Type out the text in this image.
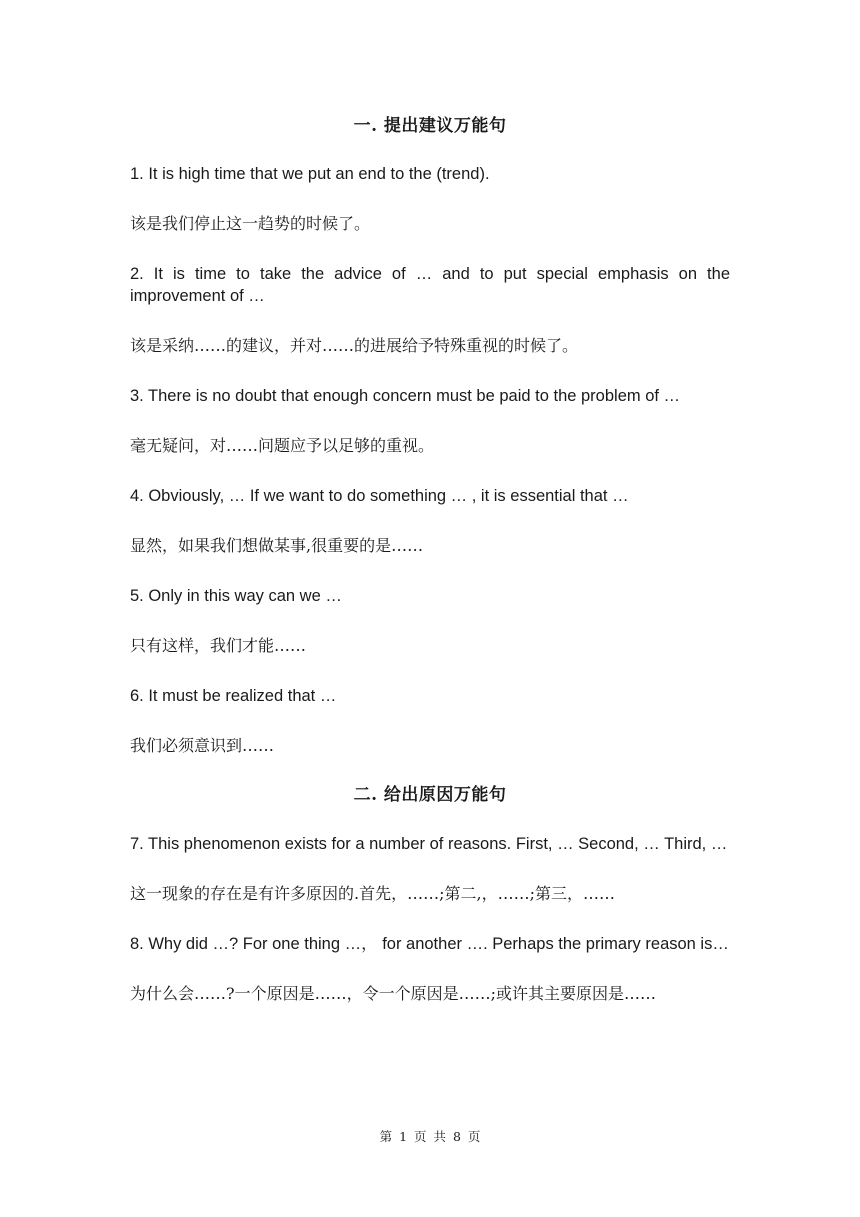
一. 提出建议万能句

1. It is high time that we put an end to the (trend).

该是我们停止这一趋势的时候了。

2. It is time to take the advice of … and to put special emphasis on the improvement of …

该是采纳……的建议，并对……的进展给予特殊重视的时候了。

3. There is no doubt that enough concern must be paid to the problem of …

毫无疑问，对……问题应予以足够的重视。

4. Obviously, … If we want to do something … , it is essential that …

显然，如果我们想做某事,很重要的是……

5. Only in this way can we …

只有这样，我们才能……

6. It must be realized that …

我们必须意识到……

二. 给出原因万能句

7. This phenomenon exists for a number of reasons. First, … Second, … Third, …

这一现象的存在是有许多原因的.首先，……;第二,，……;第三，……

8. Why did …? For one thing …， for another …. Perhaps the primary reason is…

为什么会……?一个原因是……，令一个原因是……;或许其主要原因是……

第 1 页 共 8 页
